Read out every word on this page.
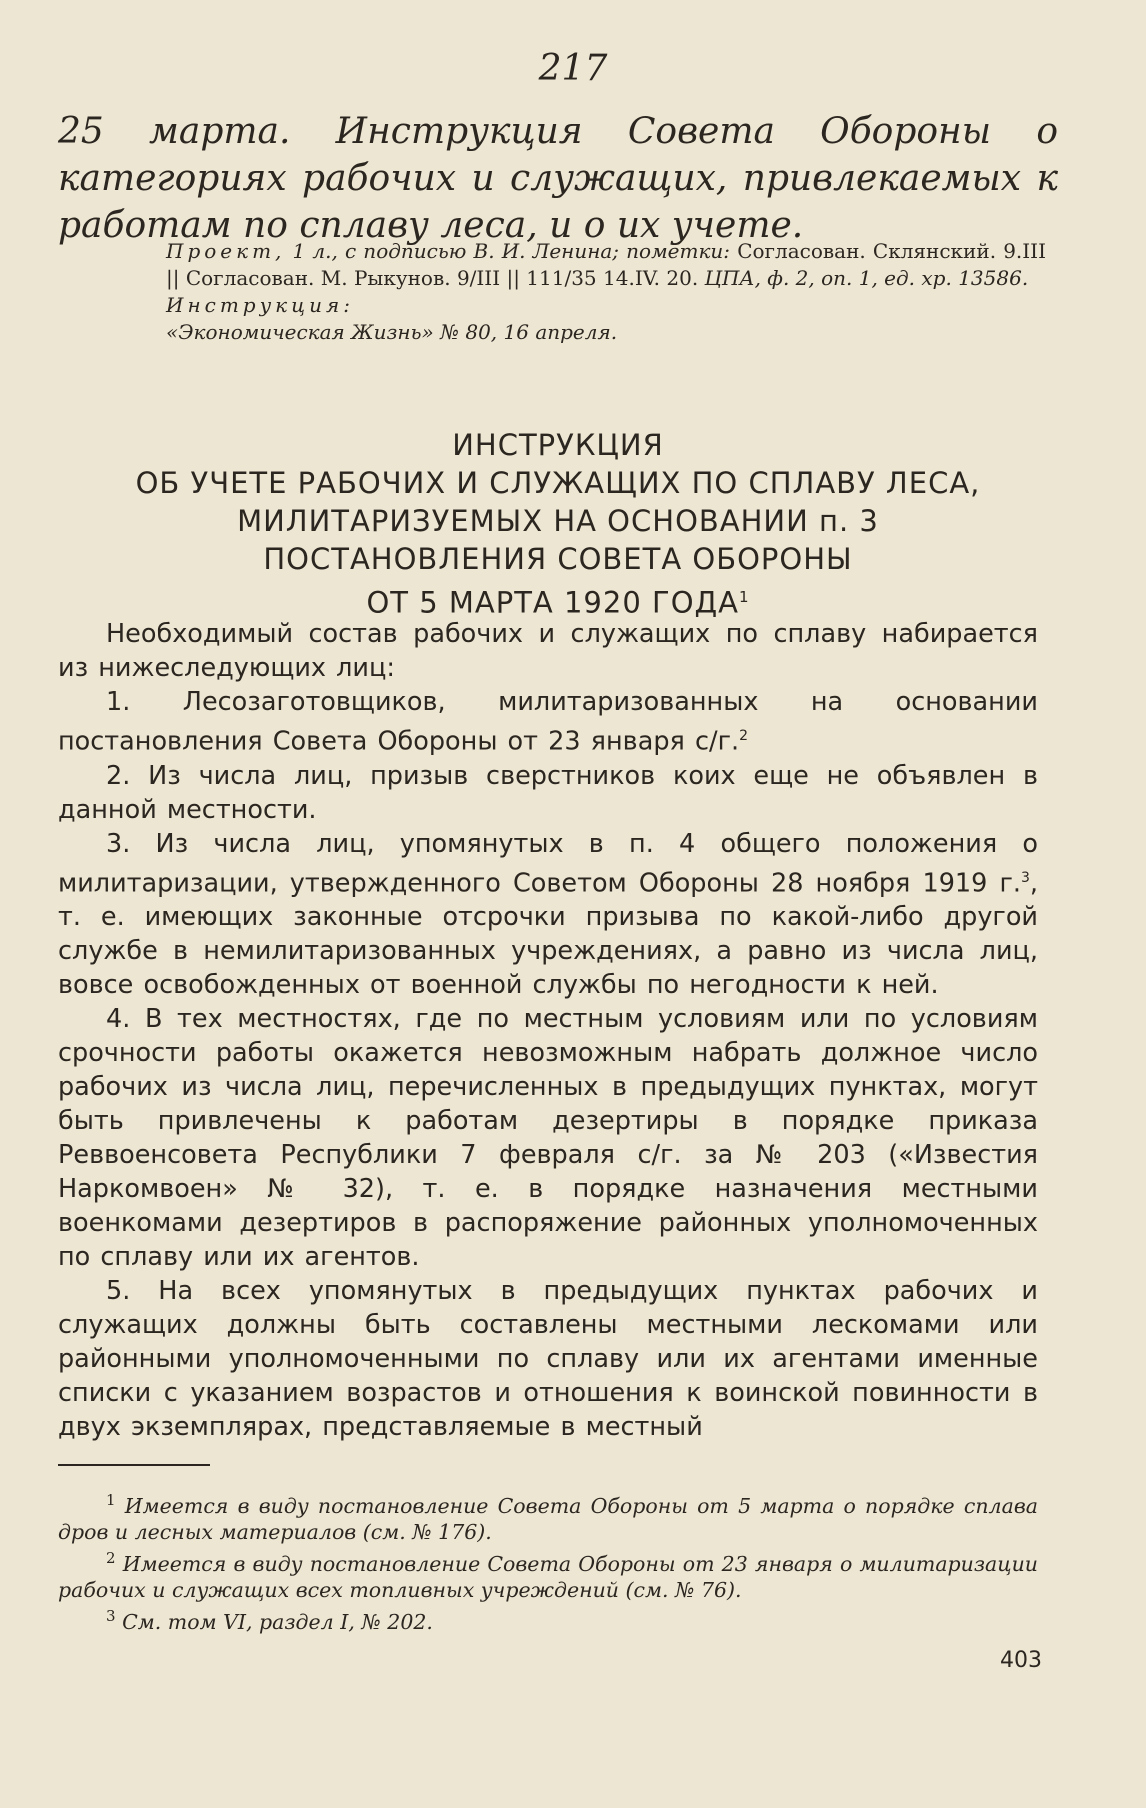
217
25 марта. Инструкция Совета Обороны о категориях рабочих и служащих, привлекаемых к работам по сплаву леса, и о их учете.
Проект, 1 л., с подписью В. И. Ленина; пометки: Согласован. Склянский. 9.III || Согласован. М. Рыкунов. 9/III || 111/35 14.IV. 20. ЦПА, ф. 2, оп. 1, ед. хр. 13586.
Инструкция:
«Экономическая Жизнь» № 80, 16 апреля.
ИНСТРУКЦИЯ
ОБ УЧЕТЕ РАБОЧИХ И СЛУЖАЩИХ ПО СПЛАВУ ЛЕСА,
МИЛИТАРИЗУЕМЫХ НА ОСНОВАНИИ п. 3
ПОСТАНОВЛЕНИЯ СОВЕТА ОБОРОНЫ
ОТ 5 МАРТА 1920 ГОДА$^1$

Необходимый состав рабочих и служащих по сплаву набирается из нижеследующих лиц:

1. Лесозаготовщиков, милитаризованных на основании постановления Совета Обороны от 23 января с/г.$^2$

2. Из числа лиц, призыв сверстников коих еще не объявлен в данной местности.

3. Из числа лиц, упомянутых в п. 4 общего положения о милитаризации, утвержденного Советом Обороны 28 ноября 1919 г.$^3$, т. е. имеющих законные отсрочки призыва по какой-либо другой службе в немилитаризованных учреждениях, а равно из числа лиц, вовсе освобожденных от военной службы по негодности к ней.

4. В тех местностях, где по местным условиям или по условиям срочности работы окажется невозможным набрать должное число рабочих из числа лиц, перечисленных в предыдущих пунктах, могут быть привлечены к работам дезертиры в порядке приказа Реввоенсовета Республики 7 февраля с/г. за № 203 («Известия Наркомвоен» № 32), т. е. в порядке назначения местными военкомами дезертиров в распоряжение районных уполномоченных по сплаву или их агентов.

5. На всех упомянутых в предыдущих пунктах рабочих и служащих должны быть составлены местными лескомами или районными уполномоченными по сплаву или их агентами именные списки с указанием возрастов и отношения к воинской повинности в двух экземплярах, представляемые в местный

$^1$ Имеется в виду постановление Совета Обороны от 5 марта о порядке сплава дров и лесных материалов (см. № 176).

$^2$ Имеется в виду постановление Совета Обороны от 23 января о милитаризации рабочих и служащих всех топливных учреждений (см. № 76).

$^3$ См. том VI, раздел I, № 202.

403
